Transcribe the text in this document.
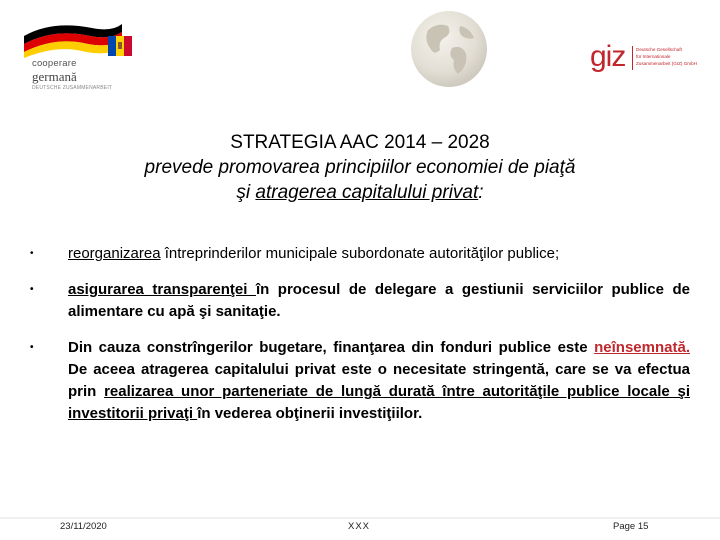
cooperare
germană
DEUTSCHE ZUSAMMENARBEIT
giz Deutsche Gesellschaft
für Internationale
Zusammenarbeit (GIZ) GmbH
STRATEGIA AAC 2014 – 2028
prevede promovarea principiilor economiei de piaţă
şi atragerea capitalului privat:
• reorganizarea întreprinderilor municipale subordonate autorităţilor publice;
• asigurarea transparenţei în procesul de delegare a gestiunii serviciilor publice de alimentare cu apă şi sanitaţie.
• Din cauza constrîngerilor bugetare, finanţarea din fonduri publice este neînsemnată. De aceea atragerea capitalului privat este o necesitate stringentă, care se va efectua prin realizarea unor parteneriate de lungă durată între autorităţile publice locale şi investitorii privaţi în vederea obţinerii investiţiilor.
23/11/2020	XXX	Page 15
